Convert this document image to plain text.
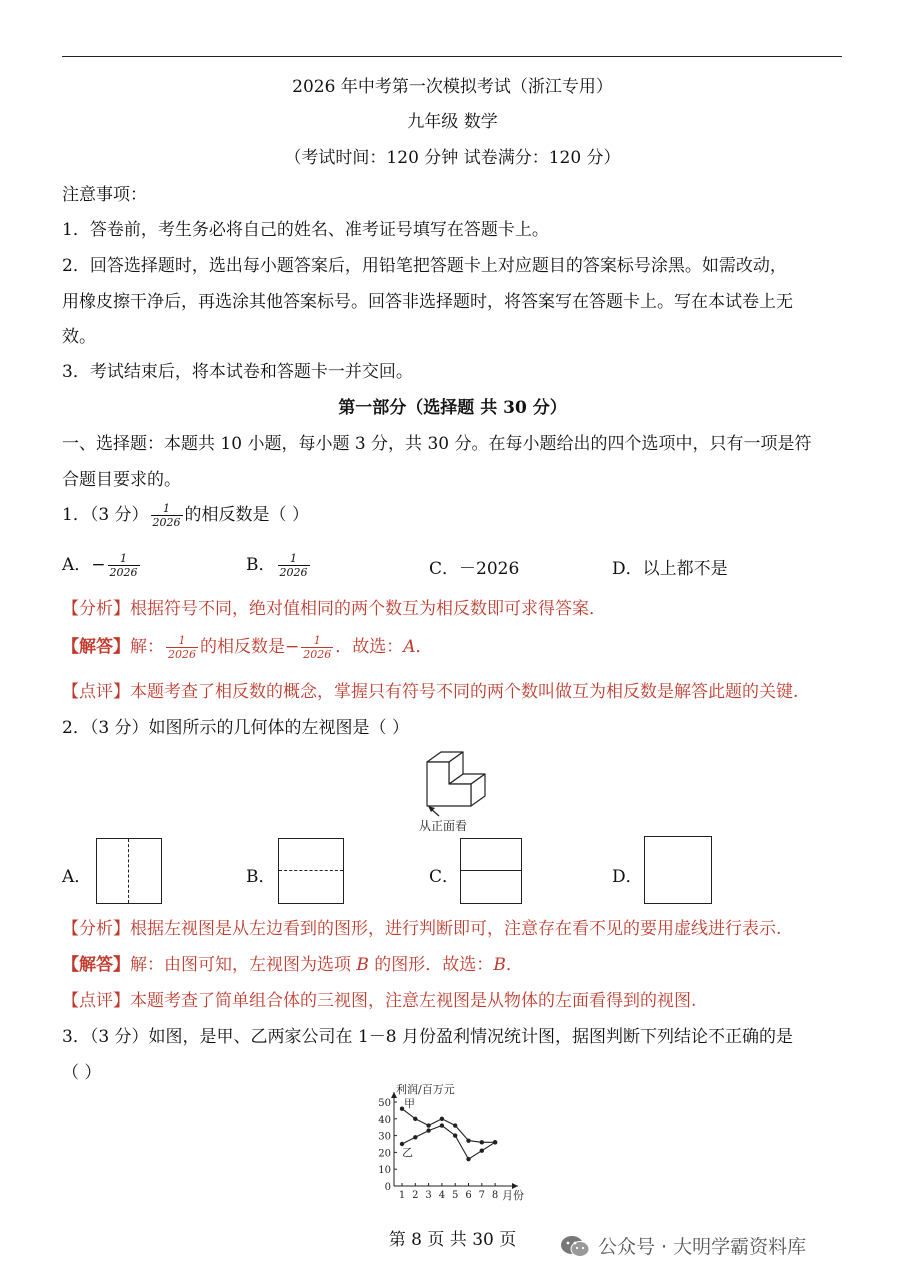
2026 年中考第一次模拟考试（浙江专用）
九年级 数学
（考试时间：120 分钟 试卷满分：120 分）
注意事项：
1．答卷前，考生务必将自己的姓名、准考证号填写在答题卡上。
2．回答选择题时，选出每小题答案后，用铅笔把答题卡上对应题目的答案标号涂黑。如需改动，
用橡皮擦干净后，再选涂其他答案标号。回答非选择题时，将答案写在答题卡上。写在本试卷上无
效。
3．考试结束后，将本试卷和答题卡一并交回。
第一部分（选择题 共 30 分）
一、选择题：本题共 10 小题，每小题 3 分，共 30 分。在每小题给出的四个选项中，只有一项是符
合题目要求的。
1．（3 分） $\frac{1}{2026}$ 的相反数是（ ）
A．− $\frac{1}{2026}$	B． $\frac{1}{2026}$	C．－2026	D．以上都不是
【分析】根据符号不同，绝对值相同的两个数互为相反数即可求得答案．
【解答】解： $\frac{1}{2026}$ 的相反数是− $\frac{1}{2026}$ ．故选：A．
【点评】本题考查了相反数的概念，掌握只有符号不同的两个数叫做互为相反数是解答此题的关键.
2．（3 分）如图所示的几何体的左视图是（ ）
从正面看
A．	B．	C．	D．
【分析】根据左视图是从左边看到的图形，进行判断即可，注意存在看不见的要用虚线进行表示.
【解答】解：由图可知，左视图为选项 B 的图形．故选：B．
【点评】本题考查了简单组合体的三视图，注意左视图是从物体的左面看得到的视图.
3．（3 分）如图，是甲、乙两家公司在 1－8 月份盈利情况统计图，据图判断下列结论不正确的是
（ ）
0
10
20
30
40
50
1 2 3 4 5 6 7 8
利润/百万元
月份
甲
乙
第 8 页 共 30 页	公众号 · 大明学霸资料库
